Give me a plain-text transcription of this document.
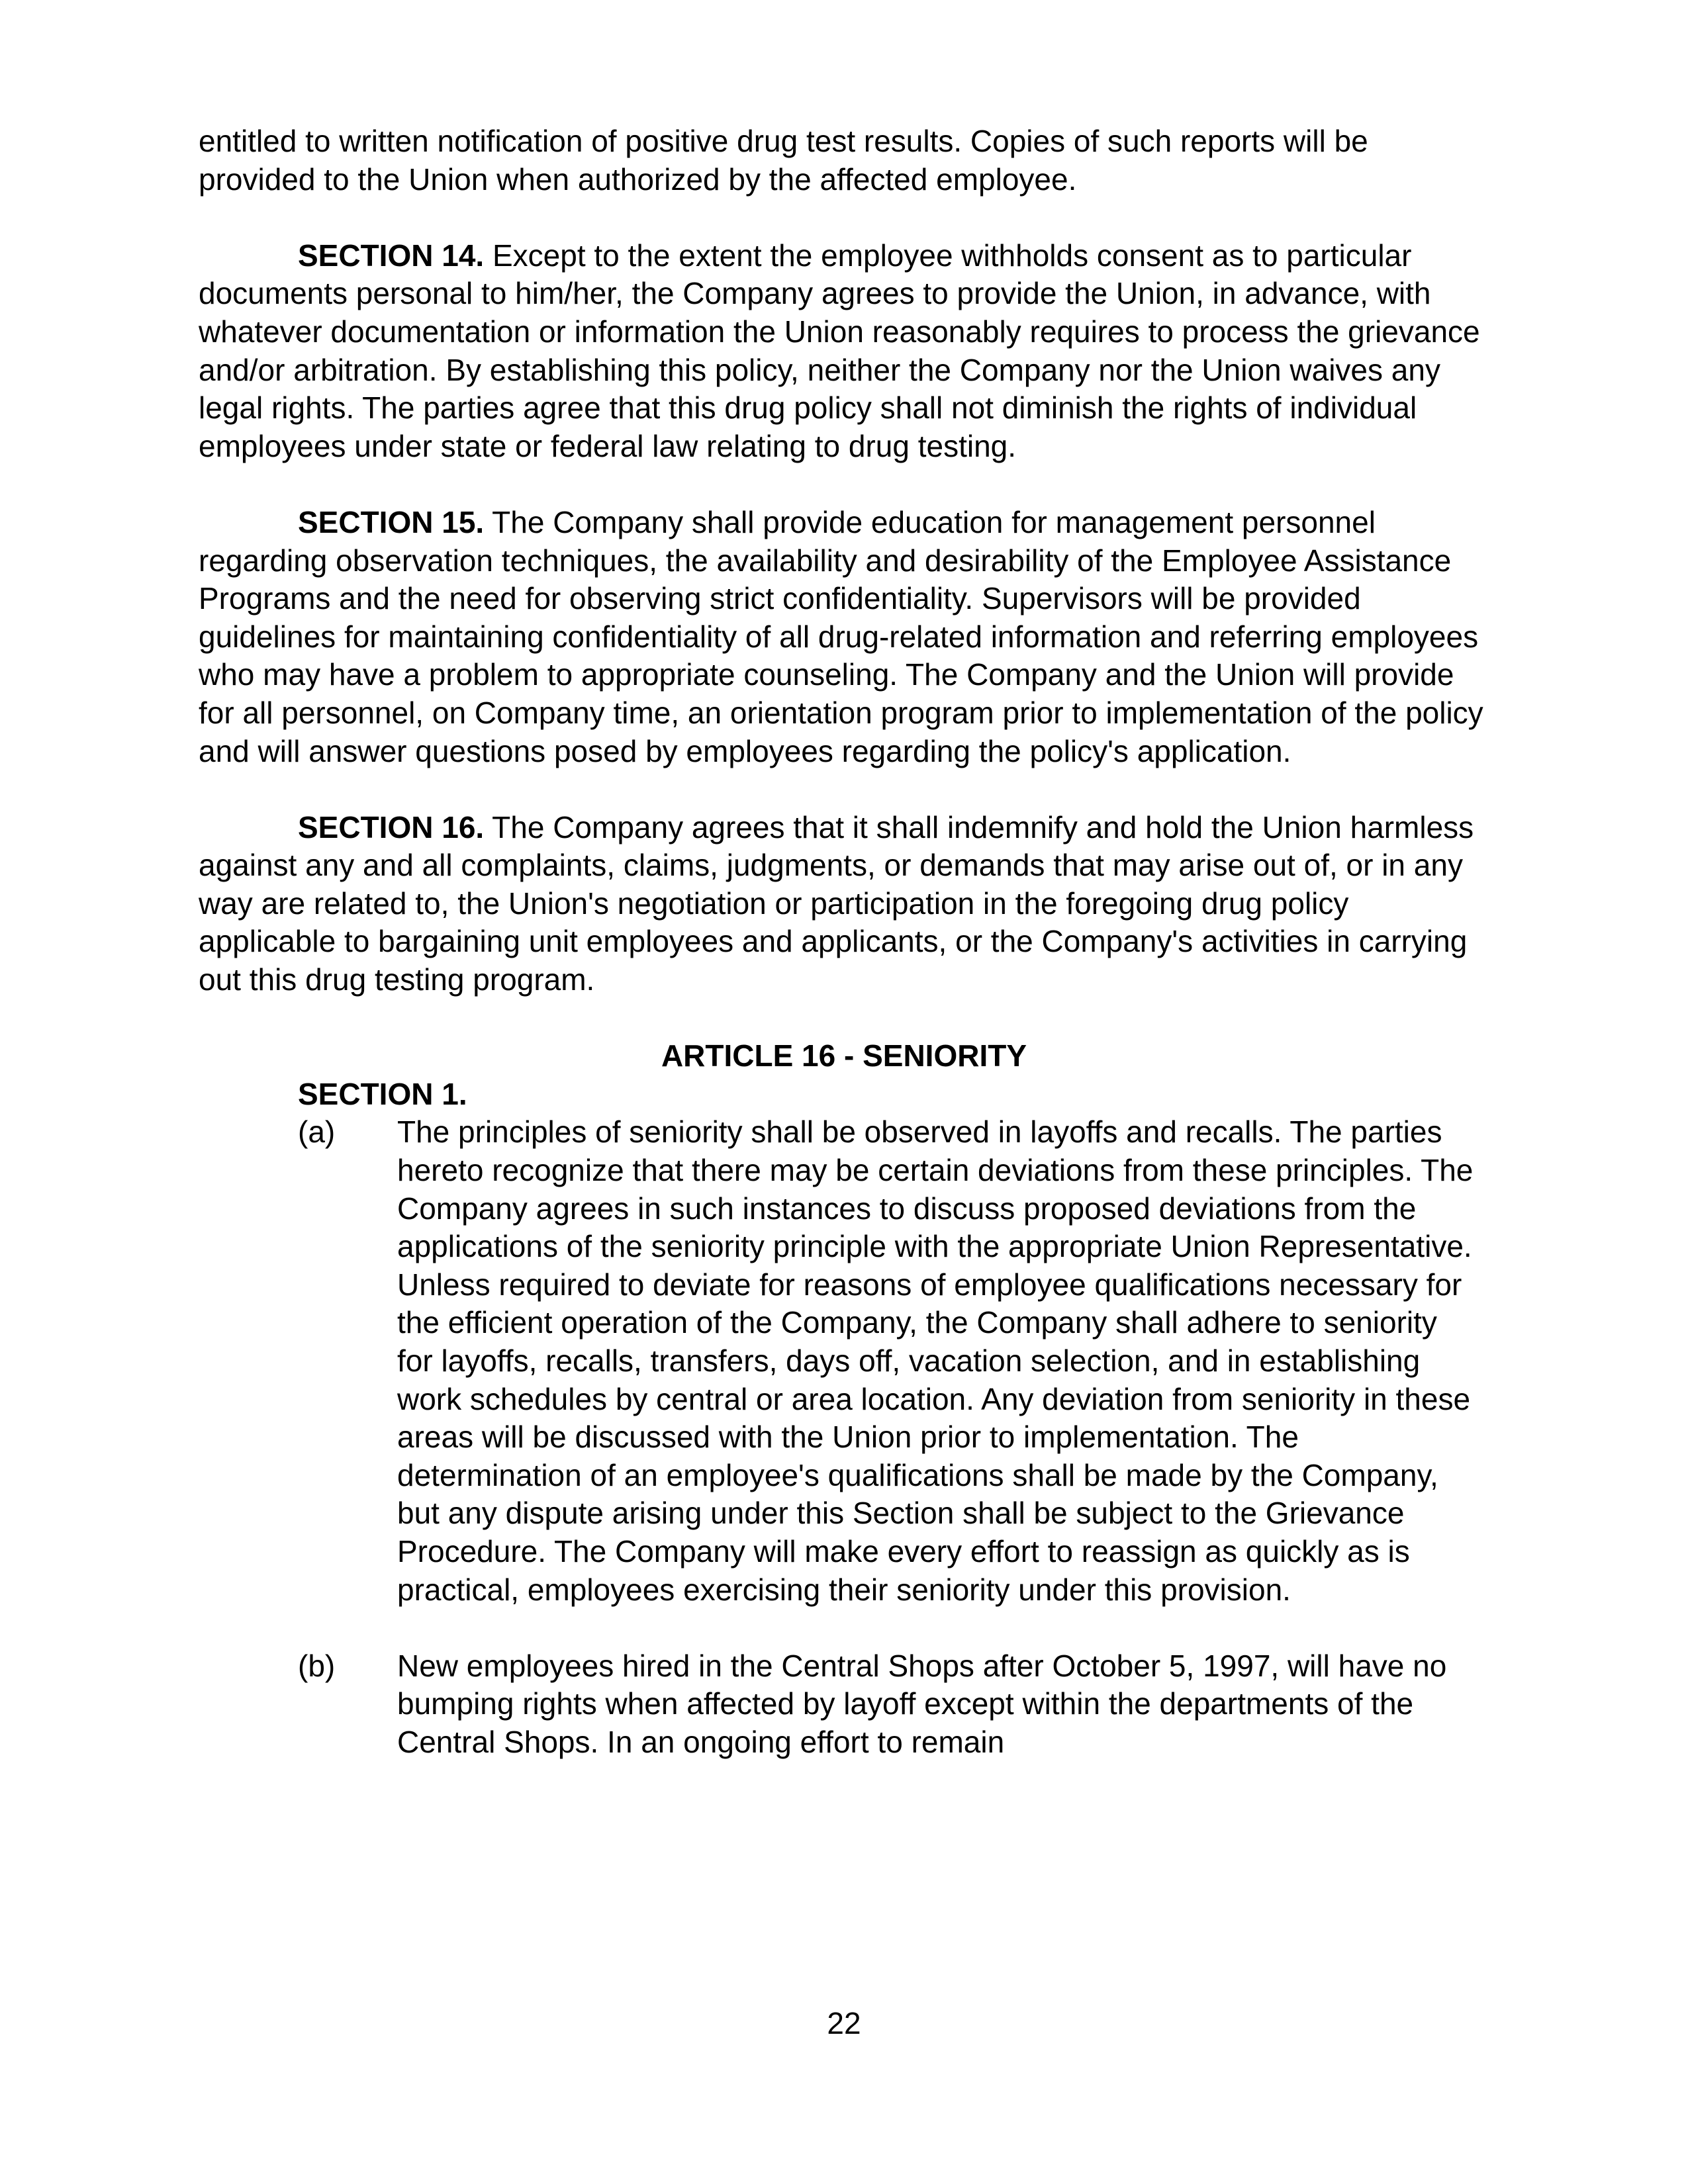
entitled to written notification of positive drug test results. Copies of such reports will be provided to the Union when authorized by the affected employee.

SECTION 14. Except to the extent the employee withholds consent as to particular documents personal to him/her, the Company agrees to provide the Union, in advance, with whatever documentation or information the Union reasonably requires to process the grievance and/or arbitration. By establishing this policy, neither the Company nor the Union waives any legal rights. The parties agree that this drug policy shall not diminish the rights of individual employees under state or federal law relating to drug testing.

SECTION 15. The Company shall provide education for management personnel regarding observation techniques, the availability and desirability of the Employee Assistance Programs and the need for observing strict confidentiality. Supervisors will be provided guidelines for maintaining confidentiality of all drug-related information and referring employees who may have a problem to appropriate counseling. The Company and the Union will provide for all personnel, on Company time, an orientation program prior to implementation of the policy and will answer questions posed by employees regarding the policy's application.

SECTION 16. The Company agrees that it shall indemnify and hold the Union harmless against any and all complaints, claims, judgments, or demands that may arise out of, or in any way are related to, the Union's negotiation or participation in the foregoing drug policy applicable to bargaining unit employees and applicants, or the Company's activities in carrying out this drug testing program.

ARTICLE 16 - SENIORITY

SECTION 1.

(a)	The principles of seniority shall be observed in layoffs and recalls. The parties hereto recognize that there may be certain deviations from these principles. The Company agrees in such instances to discuss proposed deviations from the applications of the seniority principle with the appropriate Union Representative. Unless required to deviate for reasons of employee qualifications necessary for the efficient operation of the Company, the Company shall adhere to seniority for layoffs, recalls, transfers, days off, vacation selection, and in establishing work schedules by central or area location. Any deviation from seniority in these areas will be discussed with the Union prior to implementation. The determination of an employee's qualifications shall be made by the Company, but any dispute arising under this Section shall be subject to the Grievance Procedure. The Company will make every effort to reassign as quickly as is practical, employees exercising their seniority under this provision.
(b)	New employees hired in the Central Shops after October 5, 1997, will have no bumping rights when affected by layoff except within the departments of the Central Shops. In an ongoing effort to remain
22
